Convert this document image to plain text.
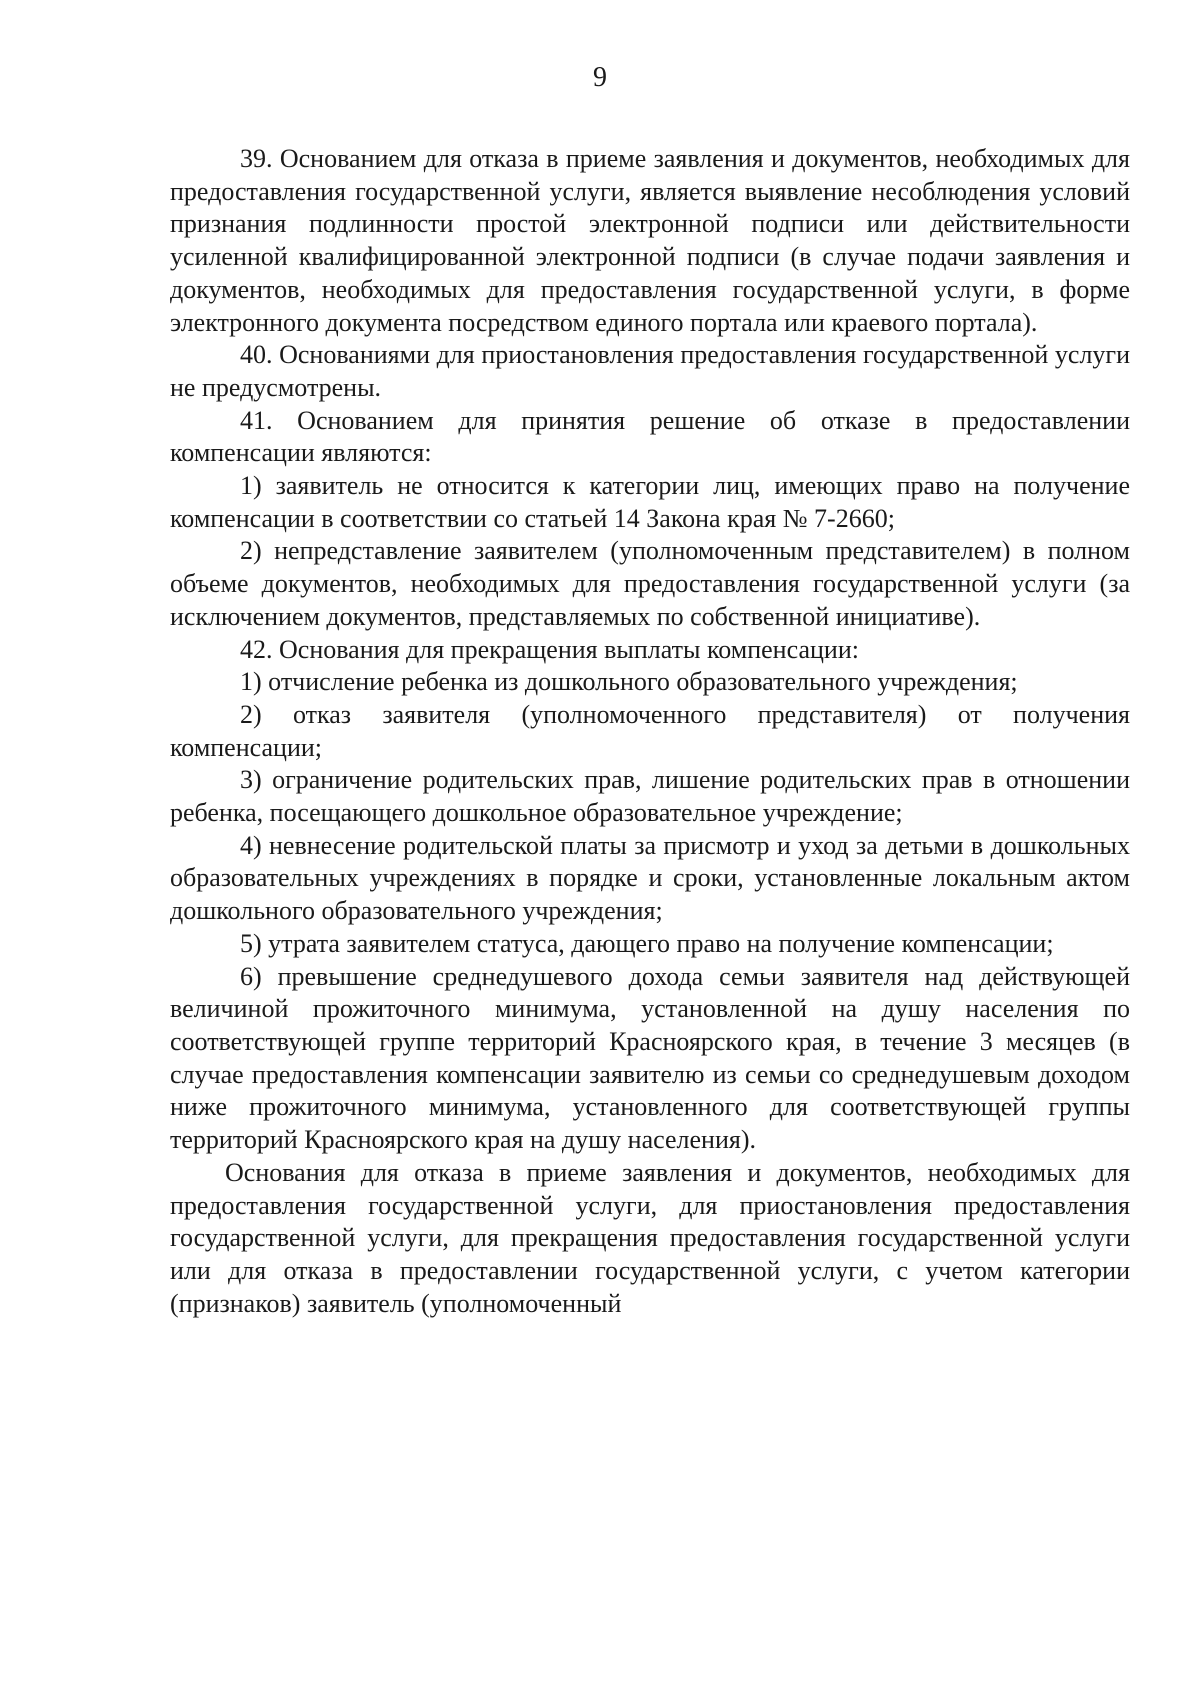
9

39. Основанием для отказа в приеме заявления и документов, необходимых для предоставления государственной услуги, является выявление несоблюдения условий признания подлинности простой электронной подписи или действительности усиленной квалифицированной электронной подписи (в случае подачи заявления и документов, необходимых для предоставления государственной услуги, в форме электронного документа посредством единого портала или краевого портала).

40. Основаниями для приостановления предоставления государственной услуги не предусмотрены.

41. Основанием для принятия решение об отказе в предоставлении компенсации являются:

1) заявитель не относится к категории лиц, имеющих право на получение компенсации в соответствии со статьей 14 Закона края № 7-2660;

2) непредставление заявителем (уполномоченным представителем) в полном объеме документов, необходимых для предоставления государственной услуги (за исключением документов, представляемых по собственной инициативе).

42. Основания для прекращения выплаты компенсации:

1) отчисление ребенка из дошкольного образовательного учреждения;

2) отказ заявителя (уполномоченного представителя) от получения компенсации;

3) ограничение родительских прав, лишение родительских прав в отношении ребенка, посещающего дошкольное образовательное учреждение;

4) невнесение родительской платы за присмотр и уход за детьми в дошкольных образовательных учреждениях в порядке и сроки, установленные локальным актом дошкольного образовательного учреждения;

5) утрата заявителем статуса, дающего право на получение компенсации;

6) превышение среднедушевого дохода семьи заявителя над действующей величиной прожиточного минимума, установленной на душу населения по соответствующей группе территорий Красноярского края, в течение 3 месяцев (в случае предоставления компенсации заявителю из семьи со среднедушевым доходом ниже прожиточного минимума, установленного для соответствующей группы территорий Красноярского края на душу населения).

Основания для отказа в приеме заявления и документов, необходимых для предоставления государственной услуги, для приостановления предоставления государственной услуги, для прекращения предоставления государственной услуги или для отказа в предоставлении государственной услуги, с учетом категории (признаков) заявитель (уполномоченный
